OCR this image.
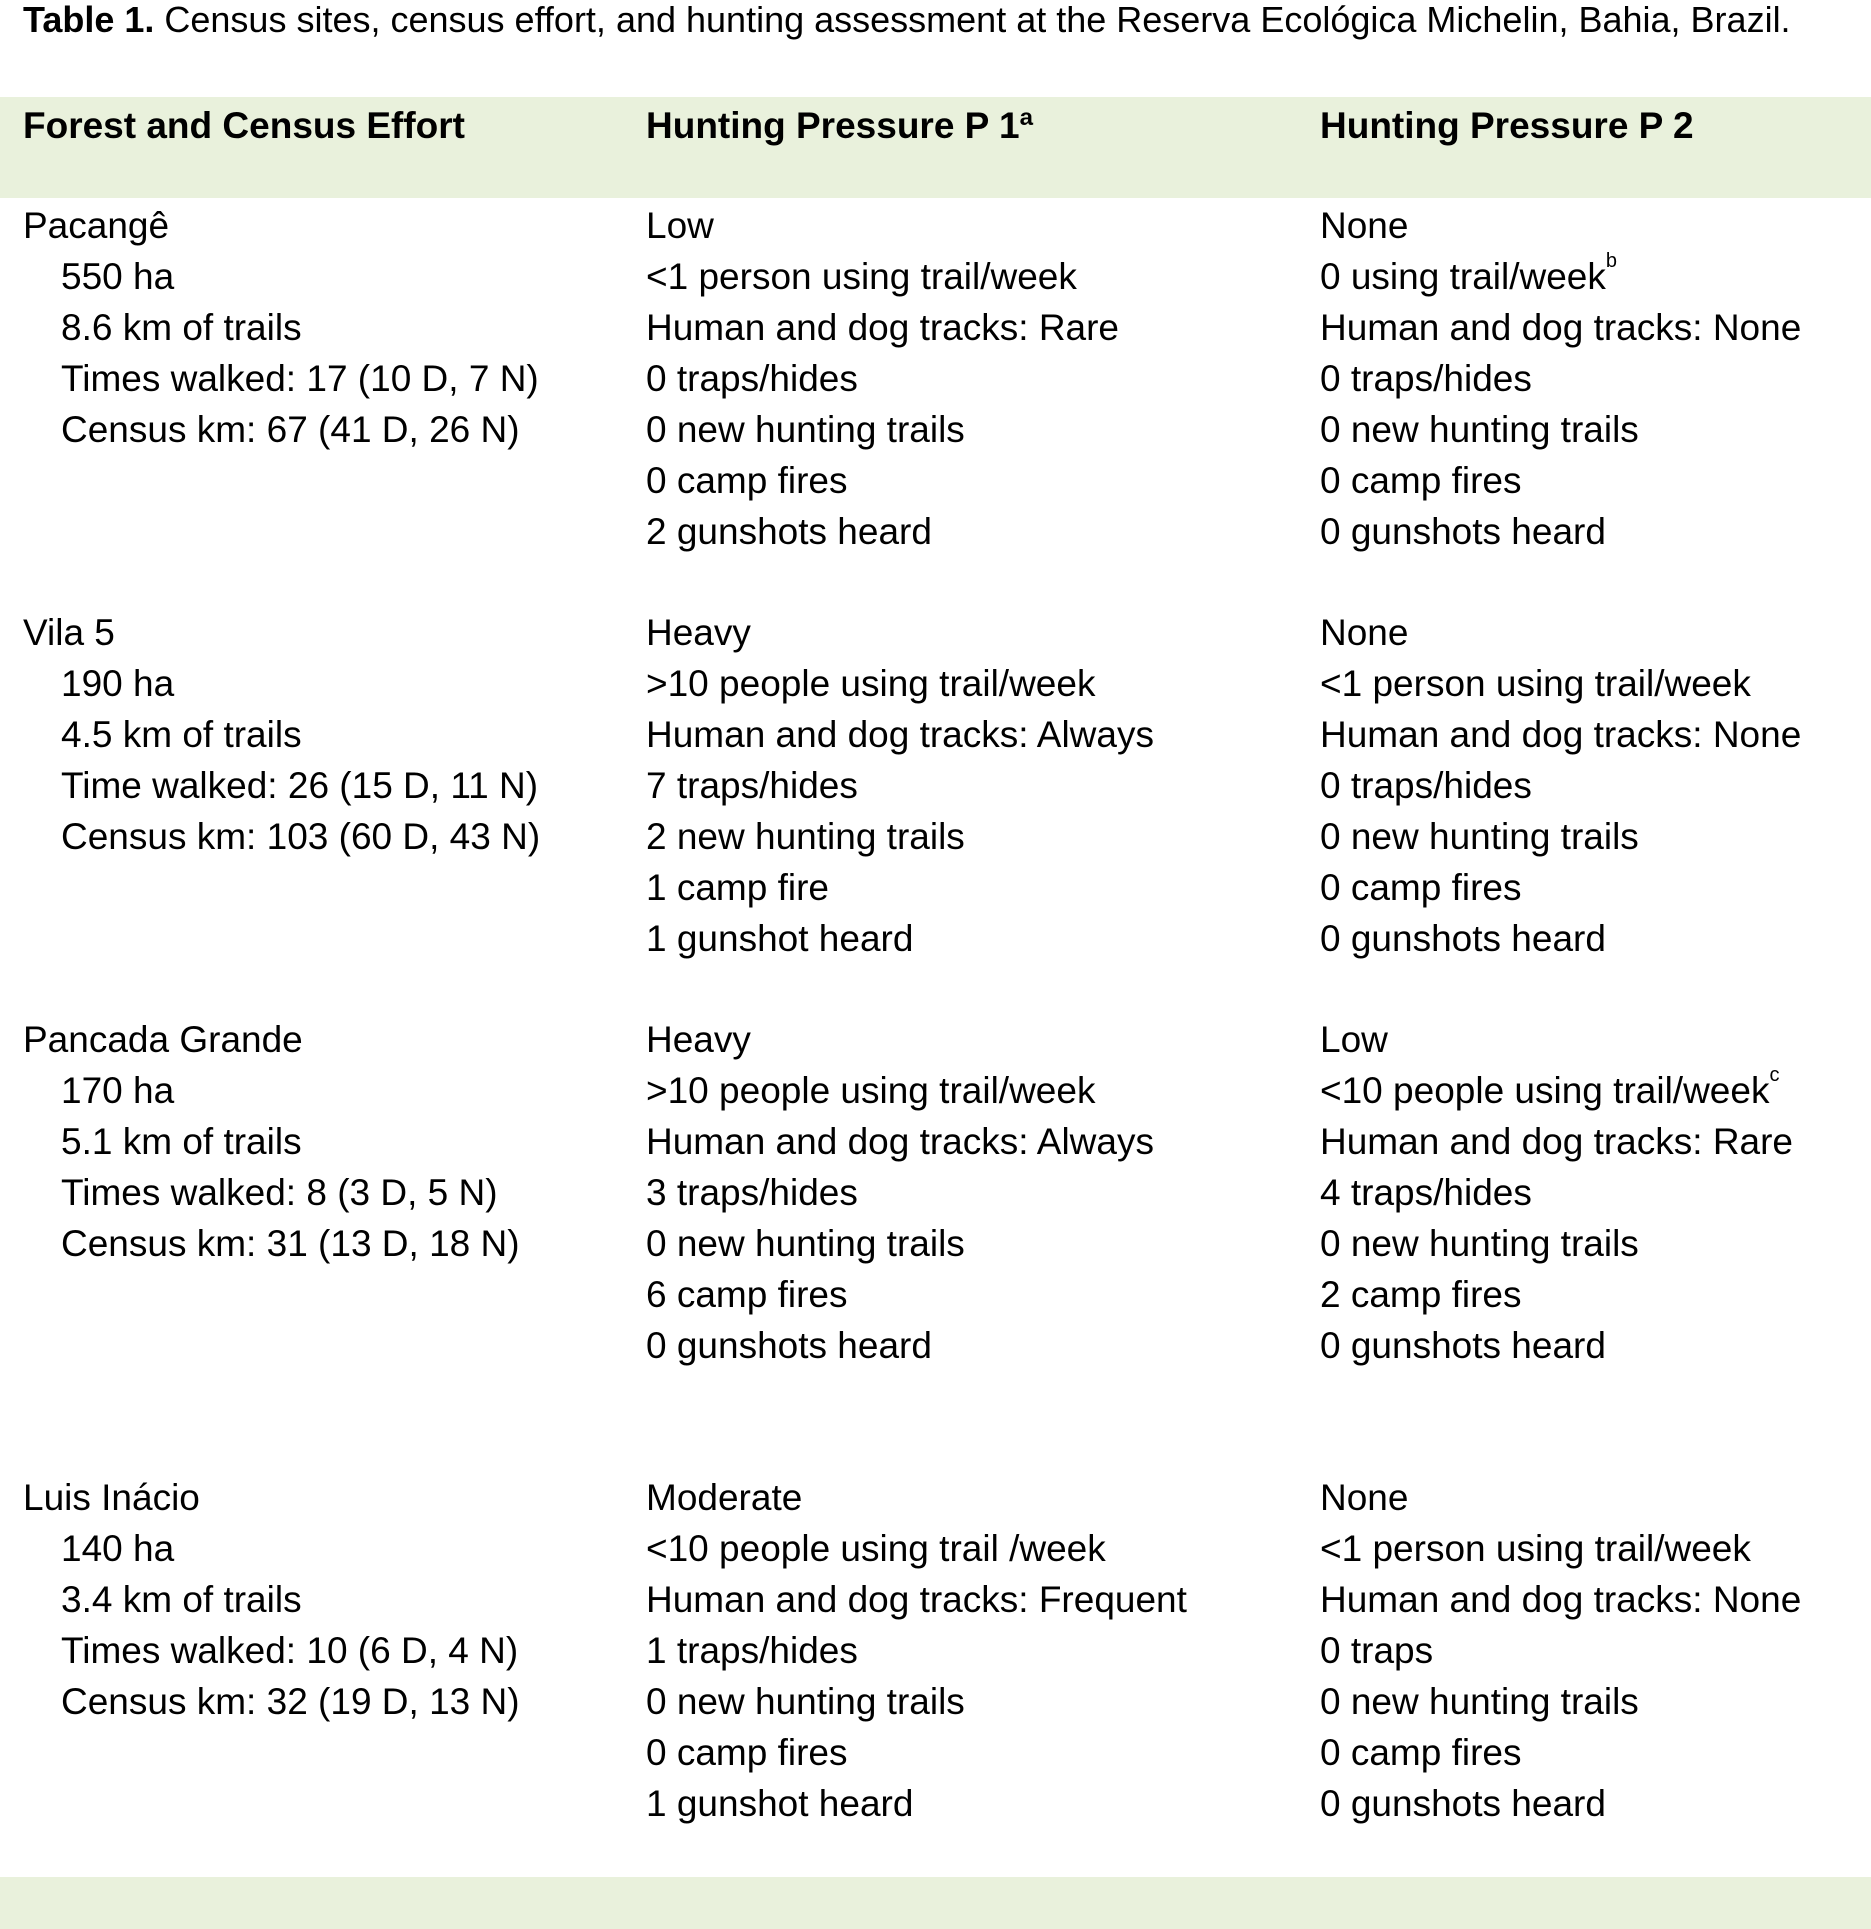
Table 1. Census sites, census effort, and hunting assessment at the Reserva Ecológica Michelin, Bahia, Brazil.
Forest and Census Effort	Hunting Pressure P 1ª	Hunting Pressure P 2
Pacangê
550 ha
8.6 km of trails
Times walked: 17 (10 D, 7 N)
Census km: 67 (41 D, 26 N)
Low
<1 person using trail/week
Human and dog tracks: Rare
0 traps/hides
0 new hunting trails
0 camp fires
2 gunshots heard
None
0 using trail/week$^b$
Human and dog tracks: None
0 traps/hides
0 new hunting trails
0 camp fires
0 gunshots heard
Vila 5
190 ha
4.5 km of trails
Time walked: 26 (15 D, 11 N)
Census km: 103 (60 D, 43 N)
Heavy
>10 people using trail/week
Human and dog tracks: Always
7 traps/hides
2 new hunting trails
1 camp fire
1 gunshot heard
None
<1 person using trail/week
Human and dog tracks: None
0 traps/hides
0 new hunting trails
0 camp fires
0 gunshots heard
Pancada Grande
170 ha
5.1 km of trails
Times walked: 8 (3 D, 5 N)
Census km: 31 (13 D, 18 N)
Heavy
>10 people using trail/week
Human and dog tracks: Always
3 traps/hides
0 new hunting trails
6 camp fires
0 gunshots heard
Low
<10 people using trail/week$^c$
Human and dog tracks: Rare
4 traps/hides
0 new hunting trails
2 camp fires
0 gunshots heard
Luis Inácio
140 ha
3.4 km of trails
Times walked: 10 (6 D, 4 N)
Census km: 32 (19 D, 13 N)
Moderate
<10 people using trail /week
Human and dog tracks: Frequent
1 traps/hides
0 new hunting trails
0 camp fires
1 gunshot heard
None
<1 person using trail/week
Human and dog tracks: None
0 traps
0 new hunting trails
0 camp fires
0 gunshots heard
